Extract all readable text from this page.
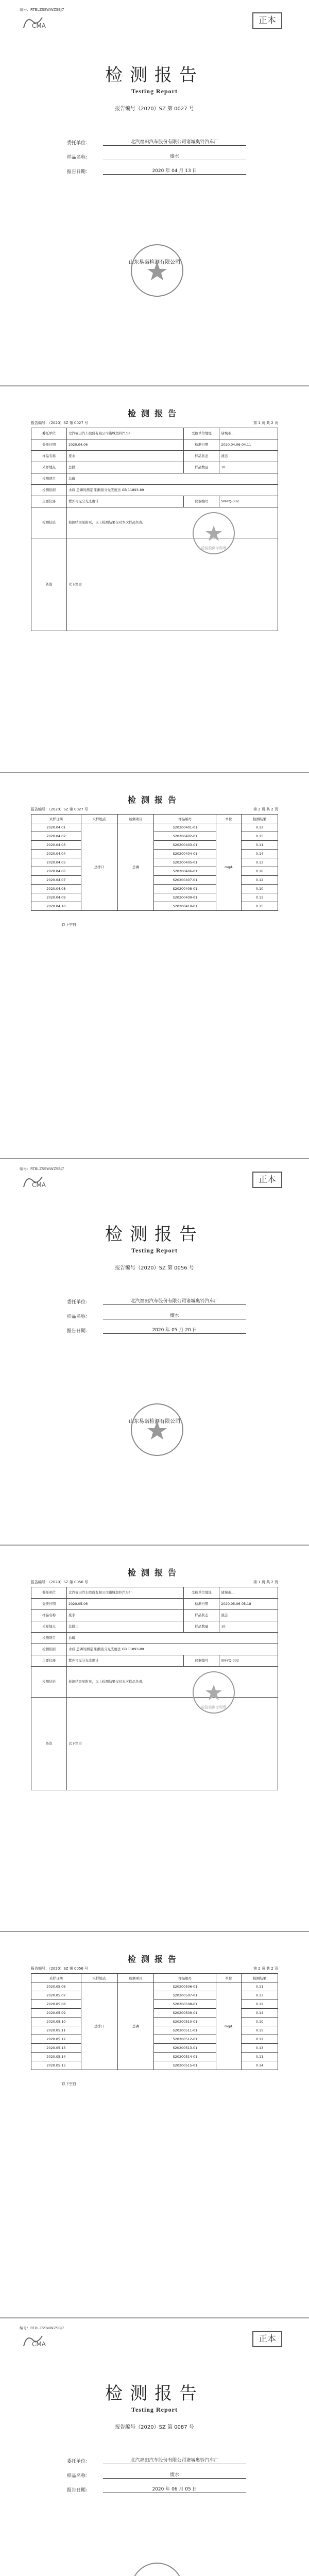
编号：RTBLZSSWWZSBJ7
CMA	正本
检测报告
Testing Report
报告编号（2020）SZ 第 0027 号
委托单位：	北汽福田汽车股份有限公司诸城奥铃汽车厂
样品名称：	废水
报告日期：	2020 年 04 月 13 日
山东易诺检测有限公司
检测报告
报告编号：（2020）SZ 第 0027 号	第 1 页 共 2 页
委托单位	北汽福田汽车股份有限公司诸城奥铃汽车厂	受检单位地址	诸城市...
委托日期	2020.04.06	检测日期	2020.04.06-04.11
样品名称	废水	样品状态	液态
采样地点	总排口	样品数量	10
检测项目	总磷		
检测依据	水质 总磷的测定 钼酸铵分光光度法 GB 11893-89		
主要仪器	紫外可见分光光度计	仪器编号	SN-YQ-032
检测结论	检测结果见附页，以上检测结果仅对本次样品负责。		
备注	以下空白		
检验检测专用章
检测报告
报告编号：（2020）SZ 第 0027 号	第 2 页 共 2 页
采样日期	采样地点	检测项目	样品编号	单位	检测结果
2020.04.01	总排口	总磷	S20200401-01	mg/L	0.12
2020.04.02			S20200402-01		0.15
2020.04.03			S20200403-01		0.11
2020.04.04			S20200404-01		0.14
2020.04.05			S20200405-01		0.13
2020.04.06			S20200406-01		0.16
2020.04.07			S20200407-01		0.12
2020.04.08			S20200408-01		0.10
2020.04.09			S20200409-01		0.13
2020.04.10			S20200410-01		0.15
以下空白
编号：RTBLZSSWWZSBJ7
CMA	正本
检测报告
Testing Report
报告编号（2020）SZ 第 0056 号
委托单位：	北汽福田汽车股份有限公司诸城奥铃汽车厂
样品名称：	废水
报告日期：	2020 年 05 月 20 日
山东易诺检测有限公司
检测报告
报告编号：（2020）SZ 第 0056 号	第 1 页 共 2 页
委托单位	北汽福田汽车股份有限公司诸城奥铃汽车厂	受检单位地址	诸城市...
委托日期	2020.05.06	检测日期	2020.05.06-05.18
样品名称	废水	样品状态	液态
采样地点	总排口	样品数量	10
检测项目	总磷		
检测依据	水质 总磷的测定 钼酸铵分光光度法 GB 11893-89		
主要仪器	紫外可见分光光度计	仪器编号	SN-YQ-032
检测结论	检测结果见附页，以上检测结果仅对本次样品负责。		
备注	以下空白		
检验检测专用章
检测报告
报告编号：（2020）SZ 第 0056 号	第 2 页 共 2 页
采样日期	采样地点	检测项目	样品编号	单位	检测结果
2020.05.06	总排口	总磷	S20200506-01	mg/L	0.11
2020.05.07			S20200507-01		0.13
2020.05.08			S20200508-01		0.12
2020.05.09			S20200509-01		0.14
2020.05.10			S20200510-01		0.10
2020.05.11			S20200511-01		0.15
2020.05.12			S20200512-01		0.12
2020.05.13			S20200513-01		0.13
2020.05.14			S20200514-01		0.11
2020.05.15			S20200515-01		0.14
以下空白
编号：RTBLZSSWWZSBJ7
CMA	正本
检测报告
Testing Report
报告编号（2020）SZ 第 0087 号
委托单位：	北汽福田汽车股份有限公司诸城奥铃汽车厂
样品名称：	废水
报告日期：	2020 年 06 月 05 日
